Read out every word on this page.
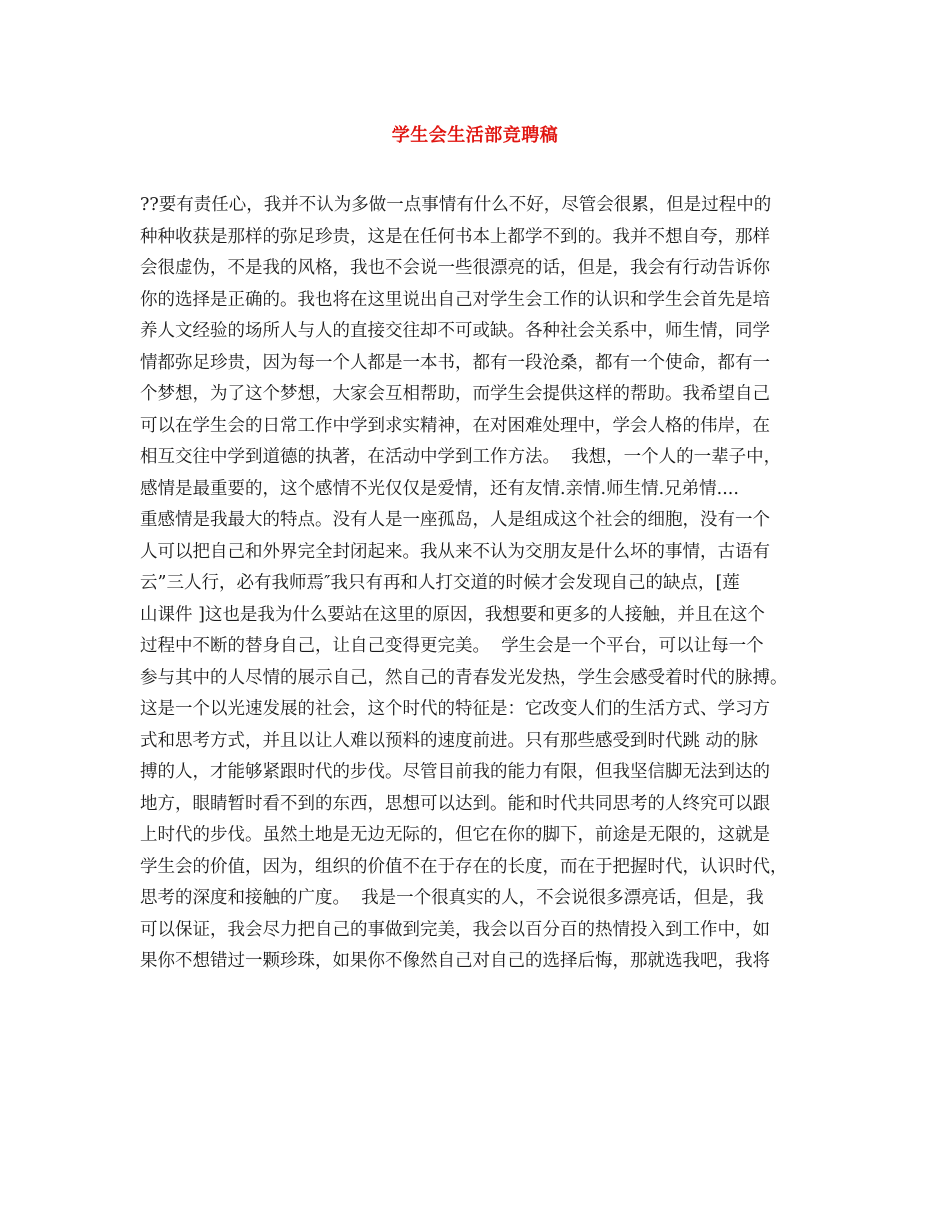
学生会生活部竞聘稿
??要有责任心，我并不认为多做一点事情有什么不好，尽管会很累，但是过程中的
种种收获是那样的弥足珍贵，这是在任何书本上都学不到的。我并不想自夸，那样
会很虚伪，不是我的风格，我也不会说一些很漂亮的话，但是，我会有行动告诉你
你的选择是正确的。我也将在这里说出自己对学生会工作的认识和学生会首先是培
养人文经验的场所人与人的直接交往却不可或缺。各种社会关系中，师生情，同学
情都弥足珍贵，因为每一个人都是一本书，都有一段沧桑，都有一个使命，都有一
个梦想，为了这个梦想，大家会互相帮助，而学生会提供这样的帮助。我希望自己
可以在学生会的日常工作中学到求实精神，在对困难处理中，学会人格的伟岸，在
相互交往中学到道德的执著，在活动中学到工作方法。  我想，一个人的一辈子中，
感情是最重要的，这个感情不光仅仅是爱情，还有友情.亲情.师生情.兄弟情....
重感情是我最大的特点。没有人是一座孤岛，人是组成这个社会的细胞，没有一个
人可以把自己和外界完全封闭起来。我从来不认为交朋友是什么坏的事情，古语有
云”三人行，必有我师焉″我只有再和人打交道的时候才会发现自己的缺点，[莲
山课件 ]这也是我为什么要站在这里的原因，我想要和更多的人接触，并且在这个
过程中不断的替身自己，让自己变得更完美。  学生会是一个平台，可以让每一个
参与其中的人尽情的展示自己，然自己的青春发光发热，学生会感受着时代的脉搏。
这是一个以光速发展的社会，这个时代的特征是：它改变人们的生活方式、学习方
式和思考方式，并且以让人难以预料的速度前进。只有那些感受到时代跳 动的脉
搏的人，才能够紧跟时代的步伐。尽管目前我的能力有限，但我坚信脚无法到达的
地方，眼睛暂时看不到的东西，思想可以达到。能和时代共同思考的人终究可以跟
上时代的步伐。虽然土地是无边无际的，但它在你的脚下，前途是无限的，这就是
学生会的价值，因为，组织的价值不在于存在的长度，而在于把握时代，认识时代，
思考的深度和接触的广度。  我是一个很真实的人，不会说很多漂亮话，但是，我
可以保证，我会尽力把自己的事做到完美，我会以百分百的热情投入到工作中，如
果你不想错过一颗珍珠，如果你不像然自己对自己的选择后悔，那就选我吧，我将
